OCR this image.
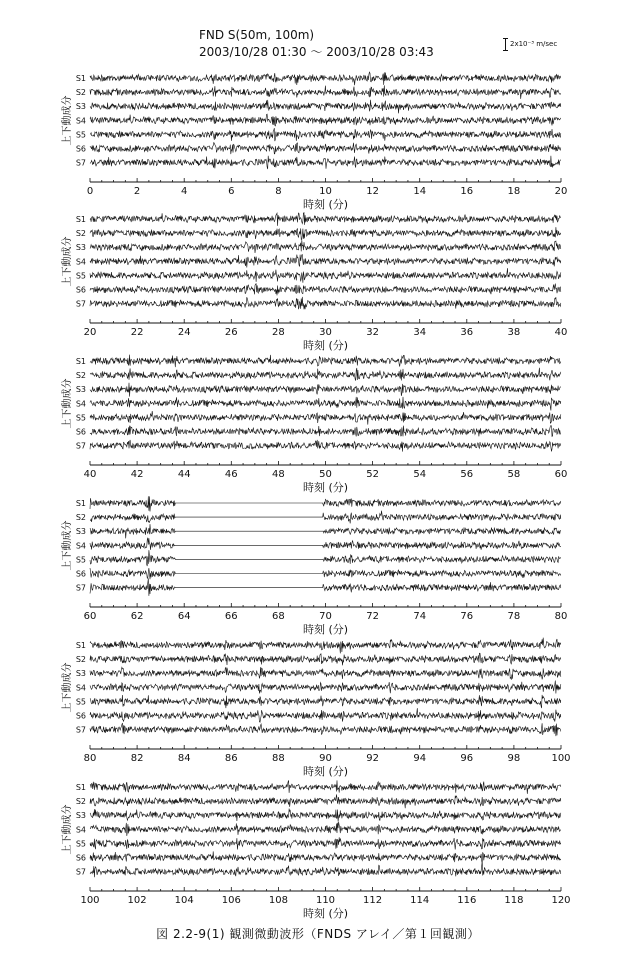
S1
S2
S3
S4
S5
S6
S7
上下動成分
0	2	4	6	8	10	12	14	16	18	20
時刻 (分)
S1
S2
S3
S4
S5
S6
S7
上下動成分
20	22	24	26	28	30	32	34	36	38	40
時刻 (分)
S1
S2
S3
S4
S5
S6
S7
上下動成分
40	42	44	46	48	50	52	54	56	58	60
時刻 (分)
S1
S2
S3
S4
S5
S6
S7
上下動成分
60	62	64	66	68	70	72	74	76	78	80
時刻 (分)
S1
S2
S3
S4
S5
S6
S7
上下動成分
80	82	84	86	88	90	92	94	96	98	100
時刻 (分)
S1
S2
S3
S4
S5
S6
S7
上下動成分
100	102	104	106	108	110	112	114	116	118	120
時刻 (分)
FND S(50m, 100m)
2003/10/28 01:30 ～ 2003/10/28 03:43
2x10⁻³ m/sec
図 2.2-9(1) 観測微動波形（FNDS アレイ／第１回観測）
